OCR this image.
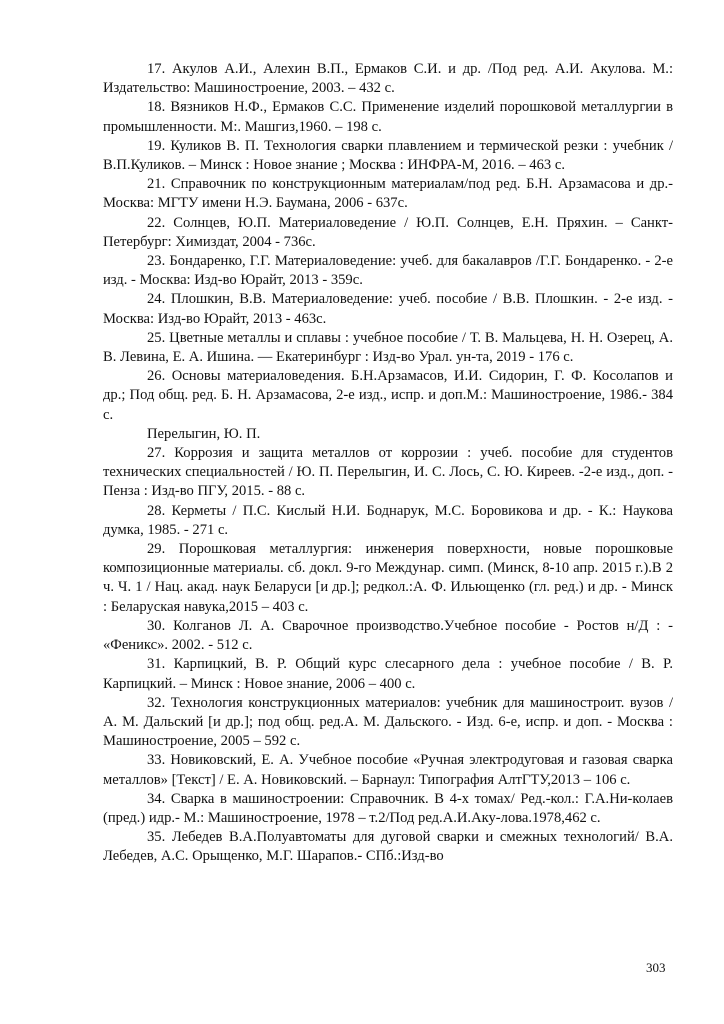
17. Акулов А.И., Алехин В.П., Ермаков С.И. и др. /Под ред. А.И. Акулова. М.: Издательство: Машиностроение, 2003. – 432 с.

18. Вязников Н.Ф., Ермаков С.С. Применение изделий порошковой металлургии в промышленности. М:. Машгиз,1960. – 198 с.

19. Куликов В. П. Технология сварки плавлением и термической резки : учебник / В.П.Куликов. – Минск : Новое знание ; Москва : ИНФРА-М, 2016. – 463 с.

21. Справочник по конструкционным материалам/под ред. Б.Н. Арзамасова и др.- Москва: МГТУ имени Н.Э. Баумана, 2006 - 637с.

22. Солнцев, Ю.П. Материаловедение / Ю.П. Солнцев, Е.Н. Пряхин. – Санкт-Петербург: Химиздат, 2004 - 736с.

23. Бондаренко, Г.Г. Материаловедение: учеб. для бакалавров /Г.Г. Бондаренко. - 2-е изд. - Москва: Изд-во Юрайт, 2013 - 359с.

24. Плошкин, В.В. Материаловедение: учеб. пособие / В.В. Плошкин. - 2-е изд. - Москва: Изд-во Юрайт, 2013 - 463с.

25. Цветные металлы и сплавы : учебное пособие / Т. В. Мальцева, Н. Н. Озерец, А. В. Левина, Е. А. Ишина. — Екатеринбург : Изд-во Урал. ун-та, 2019 - 176 с.

26. Основы материаловедения. Б.Н.Арзамасов, И.И. Сидорин, Г. Ф. Косолапов и др.; Под общ. ред. Б. Н. Арзамасова, 2-е изд., испр. и доп.М.: Машиностроение, 1986.- 384 с.

Перелыгин, Ю. П.

27. Коррозия и защита металлов от коррозии : учеб. пособие для студентов технических специальностей / Ю. П. Перелыгин, И. С. Лось, С. Ю. Киреев. -2-е изд., доп. - Пенза : Изд-во ПГУ, 2015. - 88 с.

28. Керметы / П.С. Кислый Н.И. Боднарук, М.С. Боровикова и др. - К.: Наукова думка, 1985. - 271 с.

29. Порошковая металлургия: инженерия поверхности, новые порошковые композиционные материалы. сб. докл. 9-го Междунар. симп. (Минск, 8-10 апр. 2015 г.).В 2 ч. Ч. 1 / Нац. акад. наук Беларуси [и др.]; редкол.:А. Ф. Ильющенко (гл. ред.) и др. - Минск : Беларуская навука,2015 – 403 с.

30. Колганов Л. А. Сварочное производство.Учебное пособие - Ростов н/Д : - «Феникс». 2002. - 512 с.

31. Карпицкий, В. Р. Общий курс слесарного дела : учебное пособие / В. Р. Карпицкий. – Минск : Новое знание, 2006 – 400 с.

32. Технология конструкционных материалов: учебник для машиностроит. вузов / А. М. Дальский [и др.]; под общ. ред.А. М. Дальского. - Изд. 6-е, испр. и доп. - Москва : Машиностроение, 2005 – 592 с.

33. Новиковский, Е. А. Учебное пособие «Ручная электродуговая и газовая сварка металлов» [Текст] / Е. А. Новиковский. – Барнаул: Типография АлтГТУ,2013 – 106 с.

34. Сварка в машиностроении: Справочник. В 4-х томах/ Ред.-кол.: Г.А.Ни-колаев (пред.) идр.- М.: Машиностроение, 1978 – т.2/Под ред.А.И.Аку-лова.1978,462 с.

35. Лебедев В.А.Полуавтоматы для дуговой сварки и смежных технологий/ В.А. Лебедев, А.С. Орыщенко, М.Г. Шарапов.- СПб.:Изд-во

303
